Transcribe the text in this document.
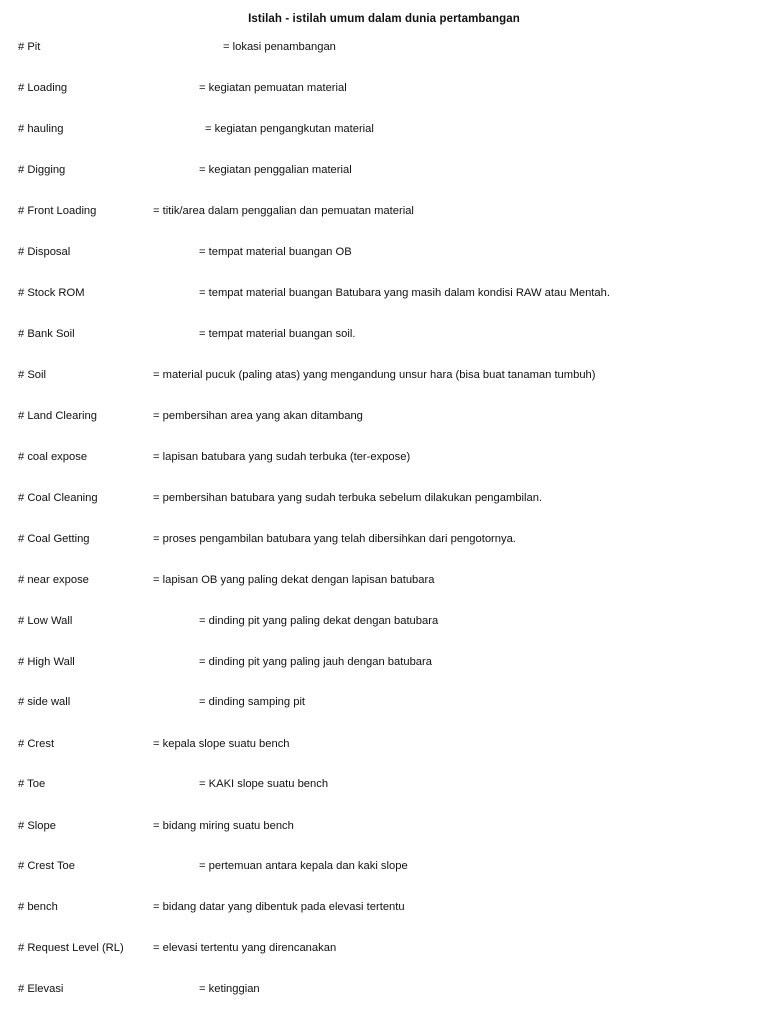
Istilah - istilah umum dalam dunia pertambangan
# Pit	= lokasi penambangan
# Loading	= kegiatan pemuatan material
# hauling	= kegiatan pengangkutan material
# Digging	= kegiatan penggalian material
# Front Loading	= titik/area dalam penggalian dan pemuatan material
# Disposal	= tempat material buangan OB
# Stock ROM	= tempat material buangan Batubara yang masih dalam kondisi RAW atau Mentah.
# Bank Soil	= tempat material buangan soil.
# Soil	= material pucuk (paling atas) yang mengandung unsur hara (bisa buat tanaman tumbuh)
# Land Clearing	= pembersihan area yang akan ditambang
# coal expose	= lapisan batubara yang sudah terbuka (ter-expose)
# Coal Cleaning	= pembersihan batubara yang sudah terbuka sebelum dilakukan pengambilan.
# Coal Getting	= proses pengambilan batubara yang telah dibersihkan dari pengotornya.
# near expose	= lapisan OB yang paling dekat dengan lapisan batubara
# Low Wall	= dinding pit yang paling dekat dengan batubara
# High Wall	= dinding pit yang paling jauh dengan batubara
# side wall	= dinding samping pit
# Crest	= kepala slope suatu bench
# Toe	= KAKI slope suatu bench
# Slope	= bidang miring suatu bench
# Crest Toe	= pertemuan antara kepala dan kaki slope
# bench	= bidang datar yang dibentuk pada elevasi tertentu
# Request Level (RL)	= elevasi tertentu yang direncanakan
# Elevasi	= ketinggian
